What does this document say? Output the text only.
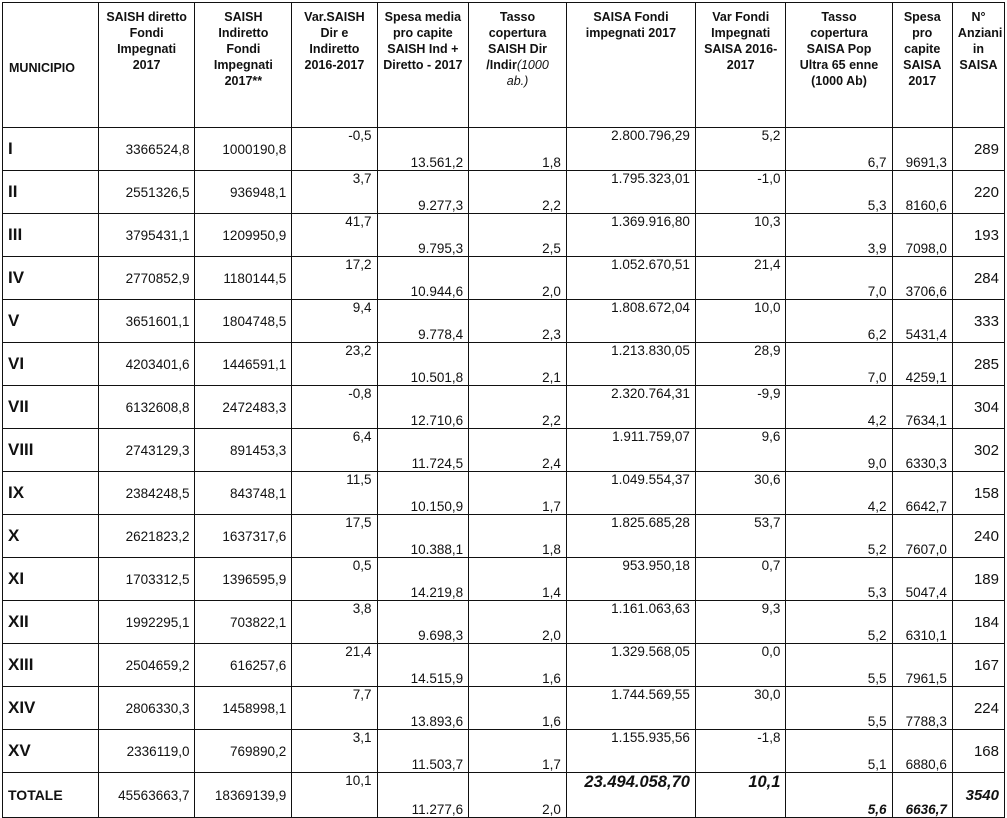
MUNICIPIO	SAISH diretto Fondi Impegnati 2017	SAISH Indiretto Fondi Impegnati 2017**	Var.SAISH Dir e Indiretto 2016-2017	Spesa media pro capite SAISH Ind + Diretto - 2017	Tasso copertura SAISH Dir /Indir(1000 ab.)	SAISA Fondi impegnati 2017	Var Fondi Impegnati SAISA 2016-2017	Tasso copertura SAISA Pop Ultra 65 enne (1000 Ab)	Spesa pro capite SAISA 2017	N° Anziani in SAISA
I	3366524,8	1000190,8	-0,5	13.561,2	1,8	2.800.796,29	5,2	6,7	9691,3	289
II	2551326,5	936948,1	3,7	9.277,3	2,2	1.795.323,01	-1,0	5,3	8160,6	220
III	3795431,1	1209950,9	41,7	9.795,3	2,5	1.369.916,80	10,3	3,9	7098,0	193
IV	2770852,9	1180144,5	17,2	10.944,6	2,0	1.052.670,51	21,4	7,0	3706,6	284
V	3651601,1	1804748,5	9,4	9.778,4	2,3	1.808.672,04	10,0	6,2	5431,4	333
VI	4203401,6	1446591,1	23,2	10.501,8	2,1	1.213.830,05	28,9	7,0	4259,1	285
VII	6132608,8	2472483,3	-0,8	12.710,6	2,2	2.320.764,31	-9,9	4,2	7634,1	304
VIII	2743129,3	891453,3	6,4	11.724,5	2,4	1.911.759,07	9,6	9,0	6330,3	302
IX	2384248,5	843748,1	11,5	10.150,9	1,7	1.049.554,37	30,6	4,2	6642,7	158
X	2621823,2	1637317,6	17,5	10.388,1	1,8	1.825.685,28	53,7	5,2	7607,0	240
XI	1703312,5	1396595,9	0,5	14.219,8	1,4	953.950,18	0,7	5,3	5047,4	189
XII	1992295,1	703822,1	3,8	9.698,3	2,0	1.161.063,63	9,3	5,2	6310,1	184
XIII	2504659,2	616257,6	21,4	14.515,9	1,6	1.329.568,05	0,0	5,5	7961,5	167
XIV	2806330,3	1458998,1	7,7	13.893,6	1,6	1.744.569,55	30,0	5,5	7788,3	224
XV	2336119,0	769890,2	3,1	11.503,7	1,7	1.155.935,56	-1,8	5,1	6880,6	168
TOTALE	45563663,7	18369139,9	10,1	11.277,6	2,0	23.494.058,70	10,1	5,6	6636,7	3540
